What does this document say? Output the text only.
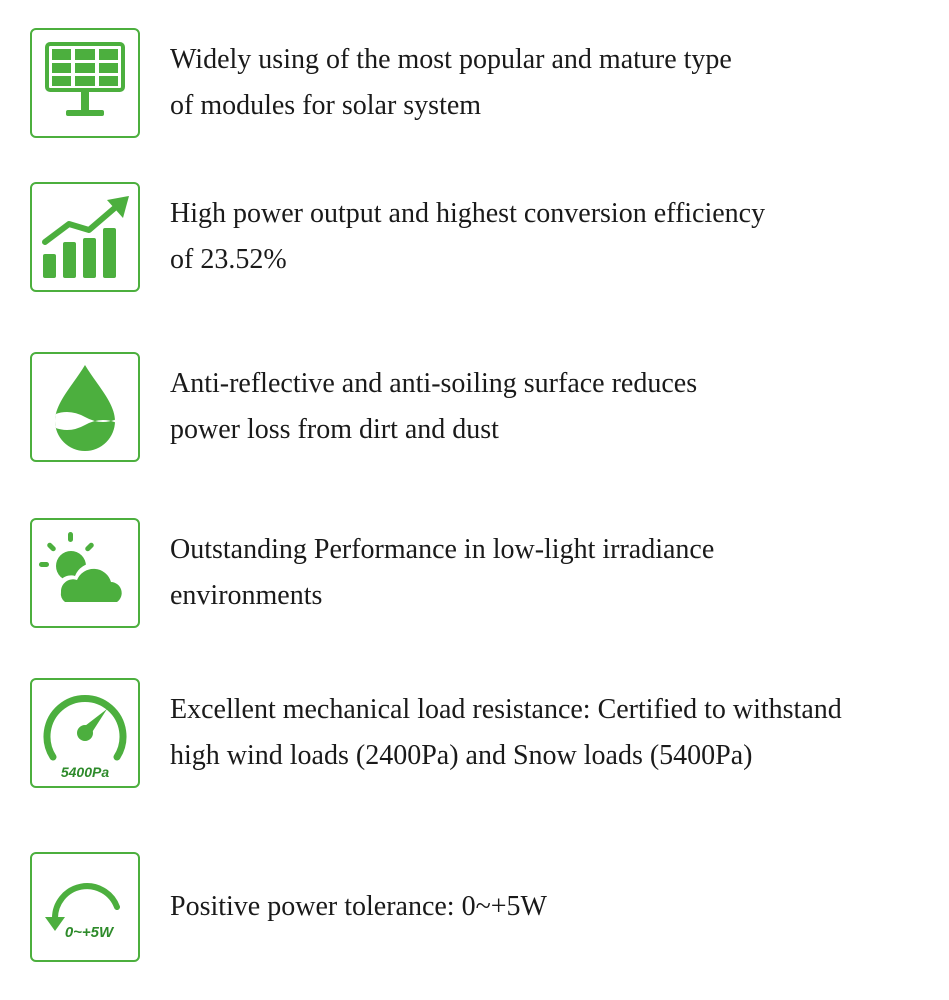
Widely using of the most popular and mature type
of modules for solar system
High power output and highest conversion efficiency
of 23.52%
Anti-reflective and anti-soiling surface reduces
power loss from dirt and dust
Outstanding Performance in low-light irradiance
environments
5400Pa
Excellent mechanical load resistance: Certified to withstand
high wind loads (2400Pa) and Snow loads (5400Pa)
0~+5W
Positive power tolerance: 0~+5W
